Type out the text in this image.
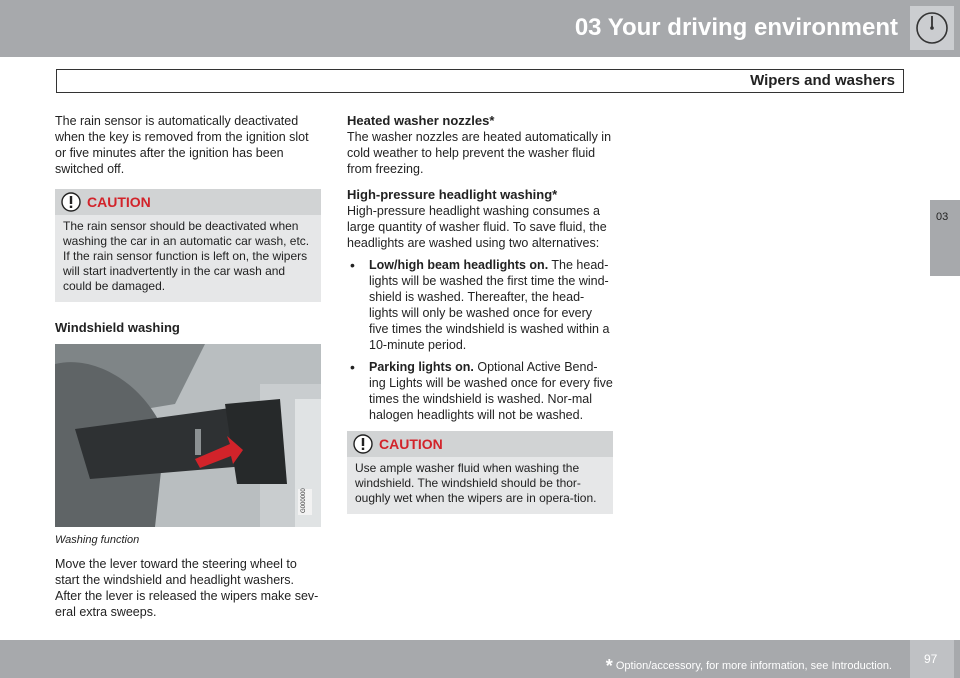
03 Your driving environment
Wipers and washers
03

The rain sensor is automatically deactivated when the key is removed from the ignition slot or five minutes after the ignition has been switched off.

CAUTION
The rain sensor should be deactivated when washing the car in an automatic car wash, etc. If the rain sensor function is left on, the wipers will start inadvertently in the car wash and could be damaged.
Windshield washing
G000000
Washing function

Move the lever toward the steering wheel to start the windshield and headlight washers. After the lever is released the wipers make sev-eral extra sweeps.

Heated washer nozzles*

The washer nozzles are heated automatically in cold weather to help prevent the washer fluid from freezing.

High-pressure headlight washing*

High-pressure headlight washing consumes a large quantity of washer fluid. To save fluid, the headlights are washed using two alternatives:

• Low/high beam headlights on. The head-lights will be washed the first time the wind-shield is washed. Thereafter, the head-lights will only be washed once for every five times the windshield is washed within a 10-minute period.
• Parking lights on. Optional Active Bend-ing Lights will be washed once for every five times the windshield is washed. Nor-mal halogen headlights will not be washed.
CAUTION
Use ample washer fluid when washing the windshield. The windshield should be thor-oughly wet when the wipers are in opera-tion.
* Option/accessory, for more information, see Introduction.	97
